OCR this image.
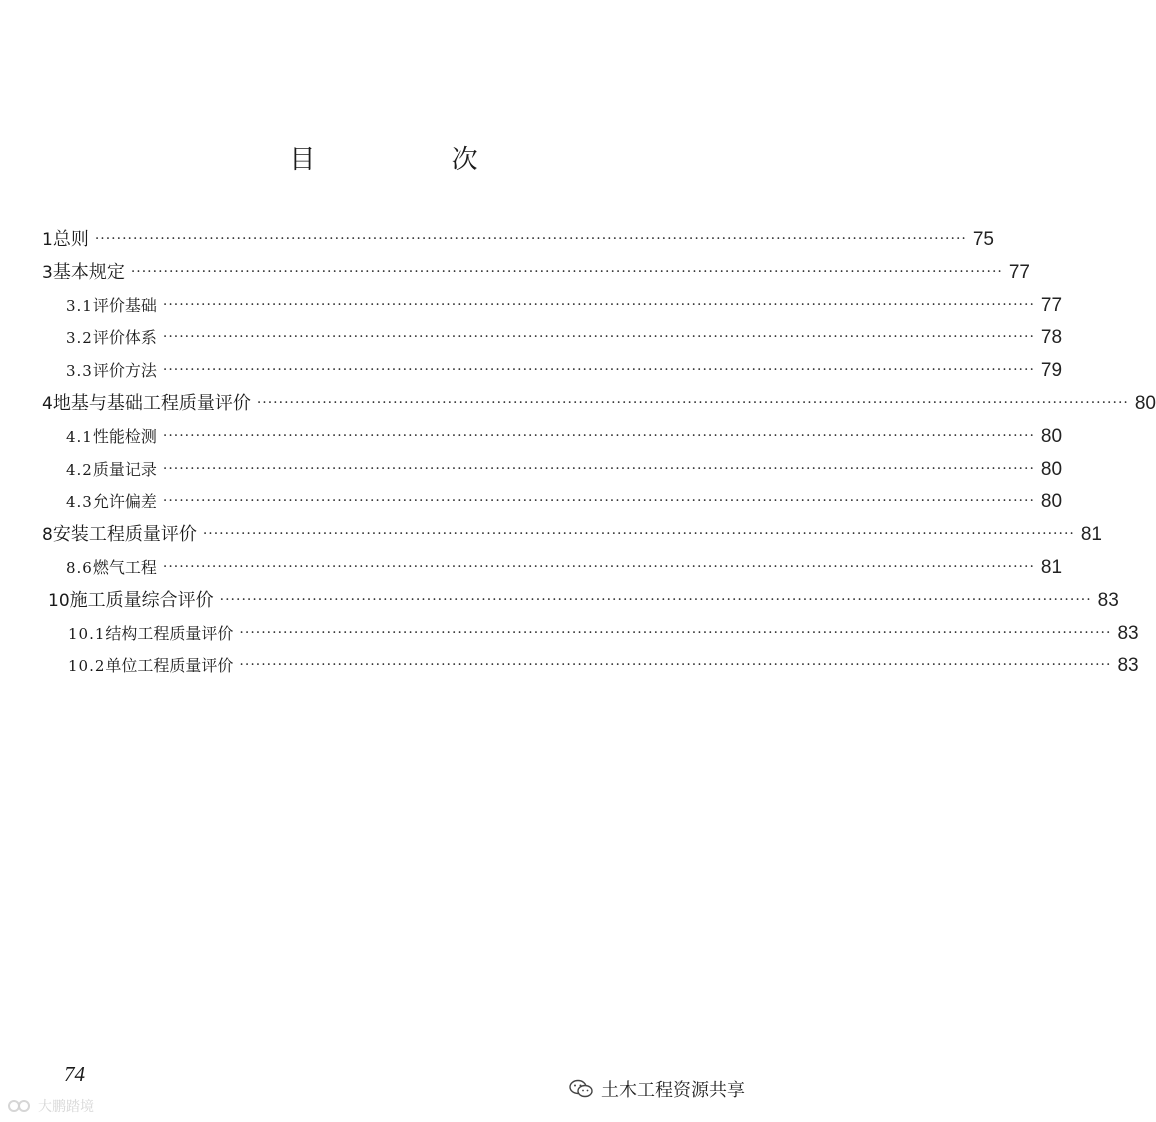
目 次
1 总则 ································································································································································ 75
3 基本规定 ································································································································································ 77
3.1 评价基础 ································································································································································ 77
3.2 评价体系 ································································································································································ 78
3.3 评价方法 ································································································································································ 79
4 地基与基础工程质量评价 ································································································································································ 80
4.1 性能检测 ································································································································································ 80
4.2 质量记录 ································································································································································ 80
4.3 允许偏差 ································································································································································ 80
8 安装工程质量评价 ································································································································································ 81
8.6 燃气工程 ································································································································································ 81
10 施工质量综合评价 ································································································································································ 83
10.1 结构工程质量评价 ································································································································································ 83
10.2 单位工程质量评价 ································································································································································ 83
74
土木工程资源共享
大鹏踏境
